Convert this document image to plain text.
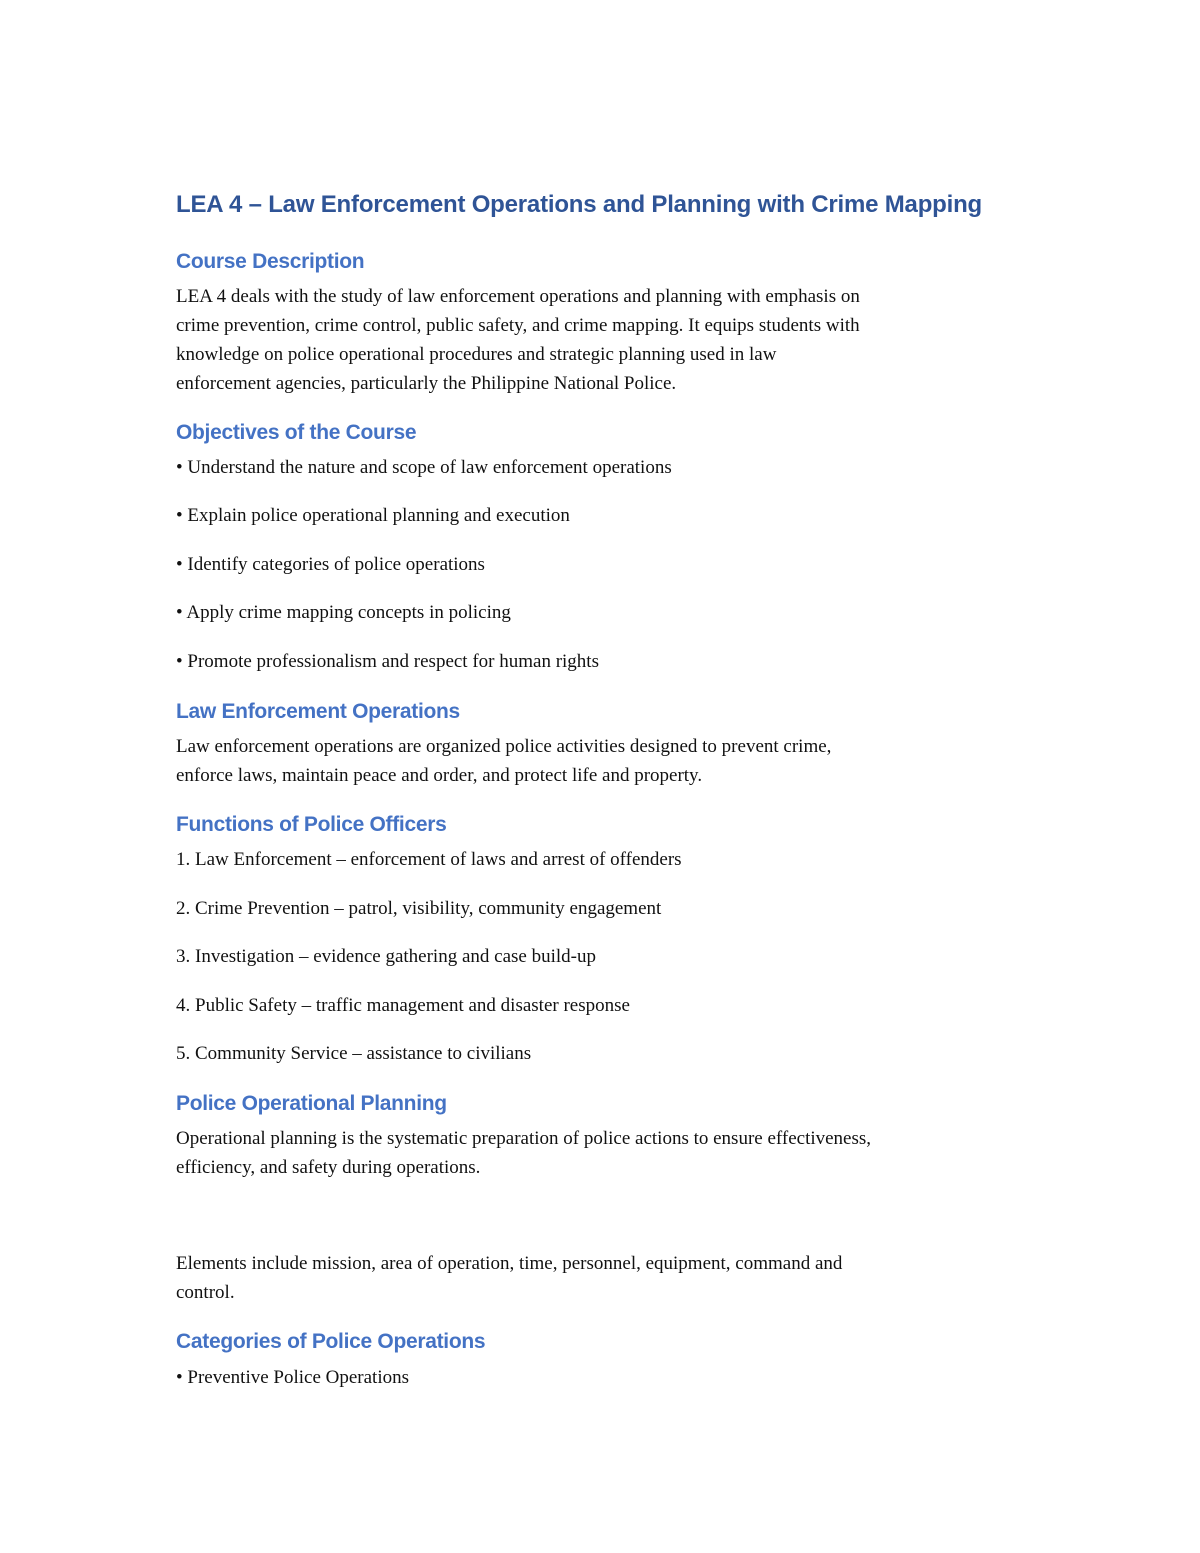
LEA 4 – Law Enforcement Operations and Planning with Crime Mapping
Course Description
LEA 4 deals with the study of law enforcement operations and planning with emphasis on
crime prevention, crime control, public safety, and crime mapping. It equips students with
knowledge on police operational procedures and strategic planning used in law
enforcement agencies, particularly the Philippine National Police.
Objectives of the Course

• Understand the nature and scope of law enforcement operations

• Explain police operational planning and execution

• Identify categories of police operations

• Apply crime mapping concepts in policing

• Promote professionalism and respect for human rights

Law Enforcement Operations
Law enforcement operations are organized police activities designed to prevent crime,
enforce laws, maintain peace and order, and protect life and property.
Functions of Police Officers

1. Law Enforcement – enforcement of laws and arrest of offenders

2. Crime Prevention – patrol, visibility, community engagement

3. Investigation – evidence gathering and case build-up

4. Public Safety – traffic management and disaster response

5. Community Service – assistance to civilians

Police Operational Planning
Operational planning is the systematic preparation of police actions to ensure effectiveness,
efficiency, and safety during operations.
Elements include mission, area of operation, time, personnel, equipment, command and
control.
Categories of Police Operations

• Preventive Police Operations
